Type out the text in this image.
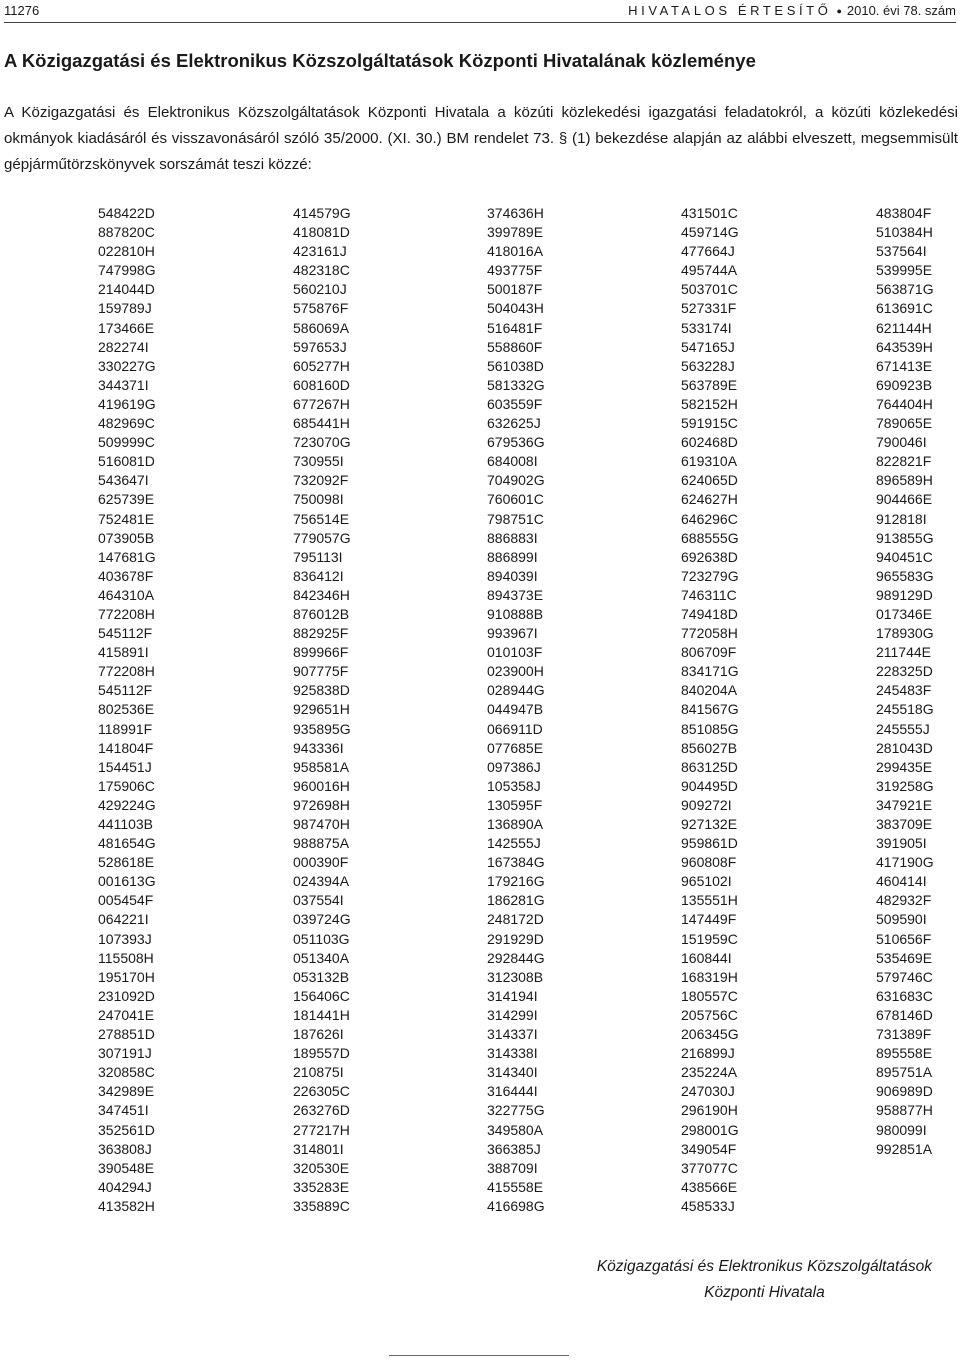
11276	HIVATALOS ÉRTESÍTŐ ● 2010. évi 78. szám
A Közigazgatási és Elektronikus Közszolgáltatások Központi Hivatalának közleménye

A Közigazgatási és Elektronikus Közszolgáltatások Központi Hivatala a közúti közlekedési igazgatási feladatokról, a közúti közlekedési okmányok kiadásáról és visszavonásáról szóló 35/2000. (XI. 30.) BM rendelet 73. § (1) bekezdése alapján az alábbi elveszett, megsemmisült gépjárműtörzskönyvek sorszámát teszi közzé:

548422D
887820C
022810H
747998G
214044D
159789J
173466E
282274I
330227G
344371I
419619G
482969C
509999C
516081D
543647I
625739E
752481E
073905B
147681G
403678F
464310A
772208H
545112F
415891I
772208H
545112F
802536E
118991F
141804F
154451J
175906C
429224G
441103B
481654G
528618E
001613G
005454F
064221I
107393J
115508H
195170H
231092D
247041E
278851D
307191J
320858C
342989E
347451I
352561D
363808J
390548E
404294J
413582H
414579G
418081D
423161J
482318C
560210J
575876F
586069A
597653J
605277H
608160D
677267H
685441H
723070G
730955I
732092F
750098I
756514E
779057G
795113I
836412I
842346H
876012B
882925F
899966F
907775F
925838D
929651H
935895G
943336I
958581A
960016H
972698H
987470H
988875A
000390F
024394A
037554I
039724G
051103G
051340A
053132B
156406C
181441H
187626I
189557D
210875I
226305C
263276D
277217H
314801I
320530E
335283E
335889C
374636H
399789E
418016A
493775F
500187F
504043H
516481F
558860F
561038D
581332G
603559F
632625J
679536G
684008I
704902G
760601C
798751C
886883I
886899I
894039I
894373E
910888B
993967I
010103F
023900H
028944G
044947B
066911D
077685E
097386J
105358J
130595F
136890A
142555J
167384G
179216G
186281G
248172D
291929D
292844G
312308B
314194I
314299I
314337I
314338I
314340I
316444I
322775G
349580A
366385J
388709I
415558E
416698G
431501C
459714G
477664J
495744A
503701C
527331F
533174I
547165J
563228J
563789E
582152H
591915C
602468D
619310A
624065D
624627H
646296C
688555G
692638D
723279G
746311C
749418D
772058H
806709F
834171G
840204A
841567G
851085G
856027B
863125D
904495D
909272I
927132E
959861D
960808F
965102I
135551H
147449F
151959C
160844I
168319H
180557C
205756C
206345G
216899J
235224A
247030J
296190H
298001G
349054F
377077C
438566E
458533J
483804F
510384H
537564I
539995E
563871G
613691C
621144H
643539H
671413E
690923B
764404H
789065E
790046I
822821F
896589H
904466E
912818I
913855G
940451C
965583G
989129D
017346E
178930G
211744E
228325D
245483F
245518G
245555J
281043D
299435E
319258G
347921E
383709E
391905I
417190G
460414I
482932F
509590I
510656F
535469E
579746C
631683C
678146D
731389F
895558E
895751A
906989D
958877H
980099I
992851A
Közigazgatási és Elektronikus Közszolgáltatások
Központi Hivatala
